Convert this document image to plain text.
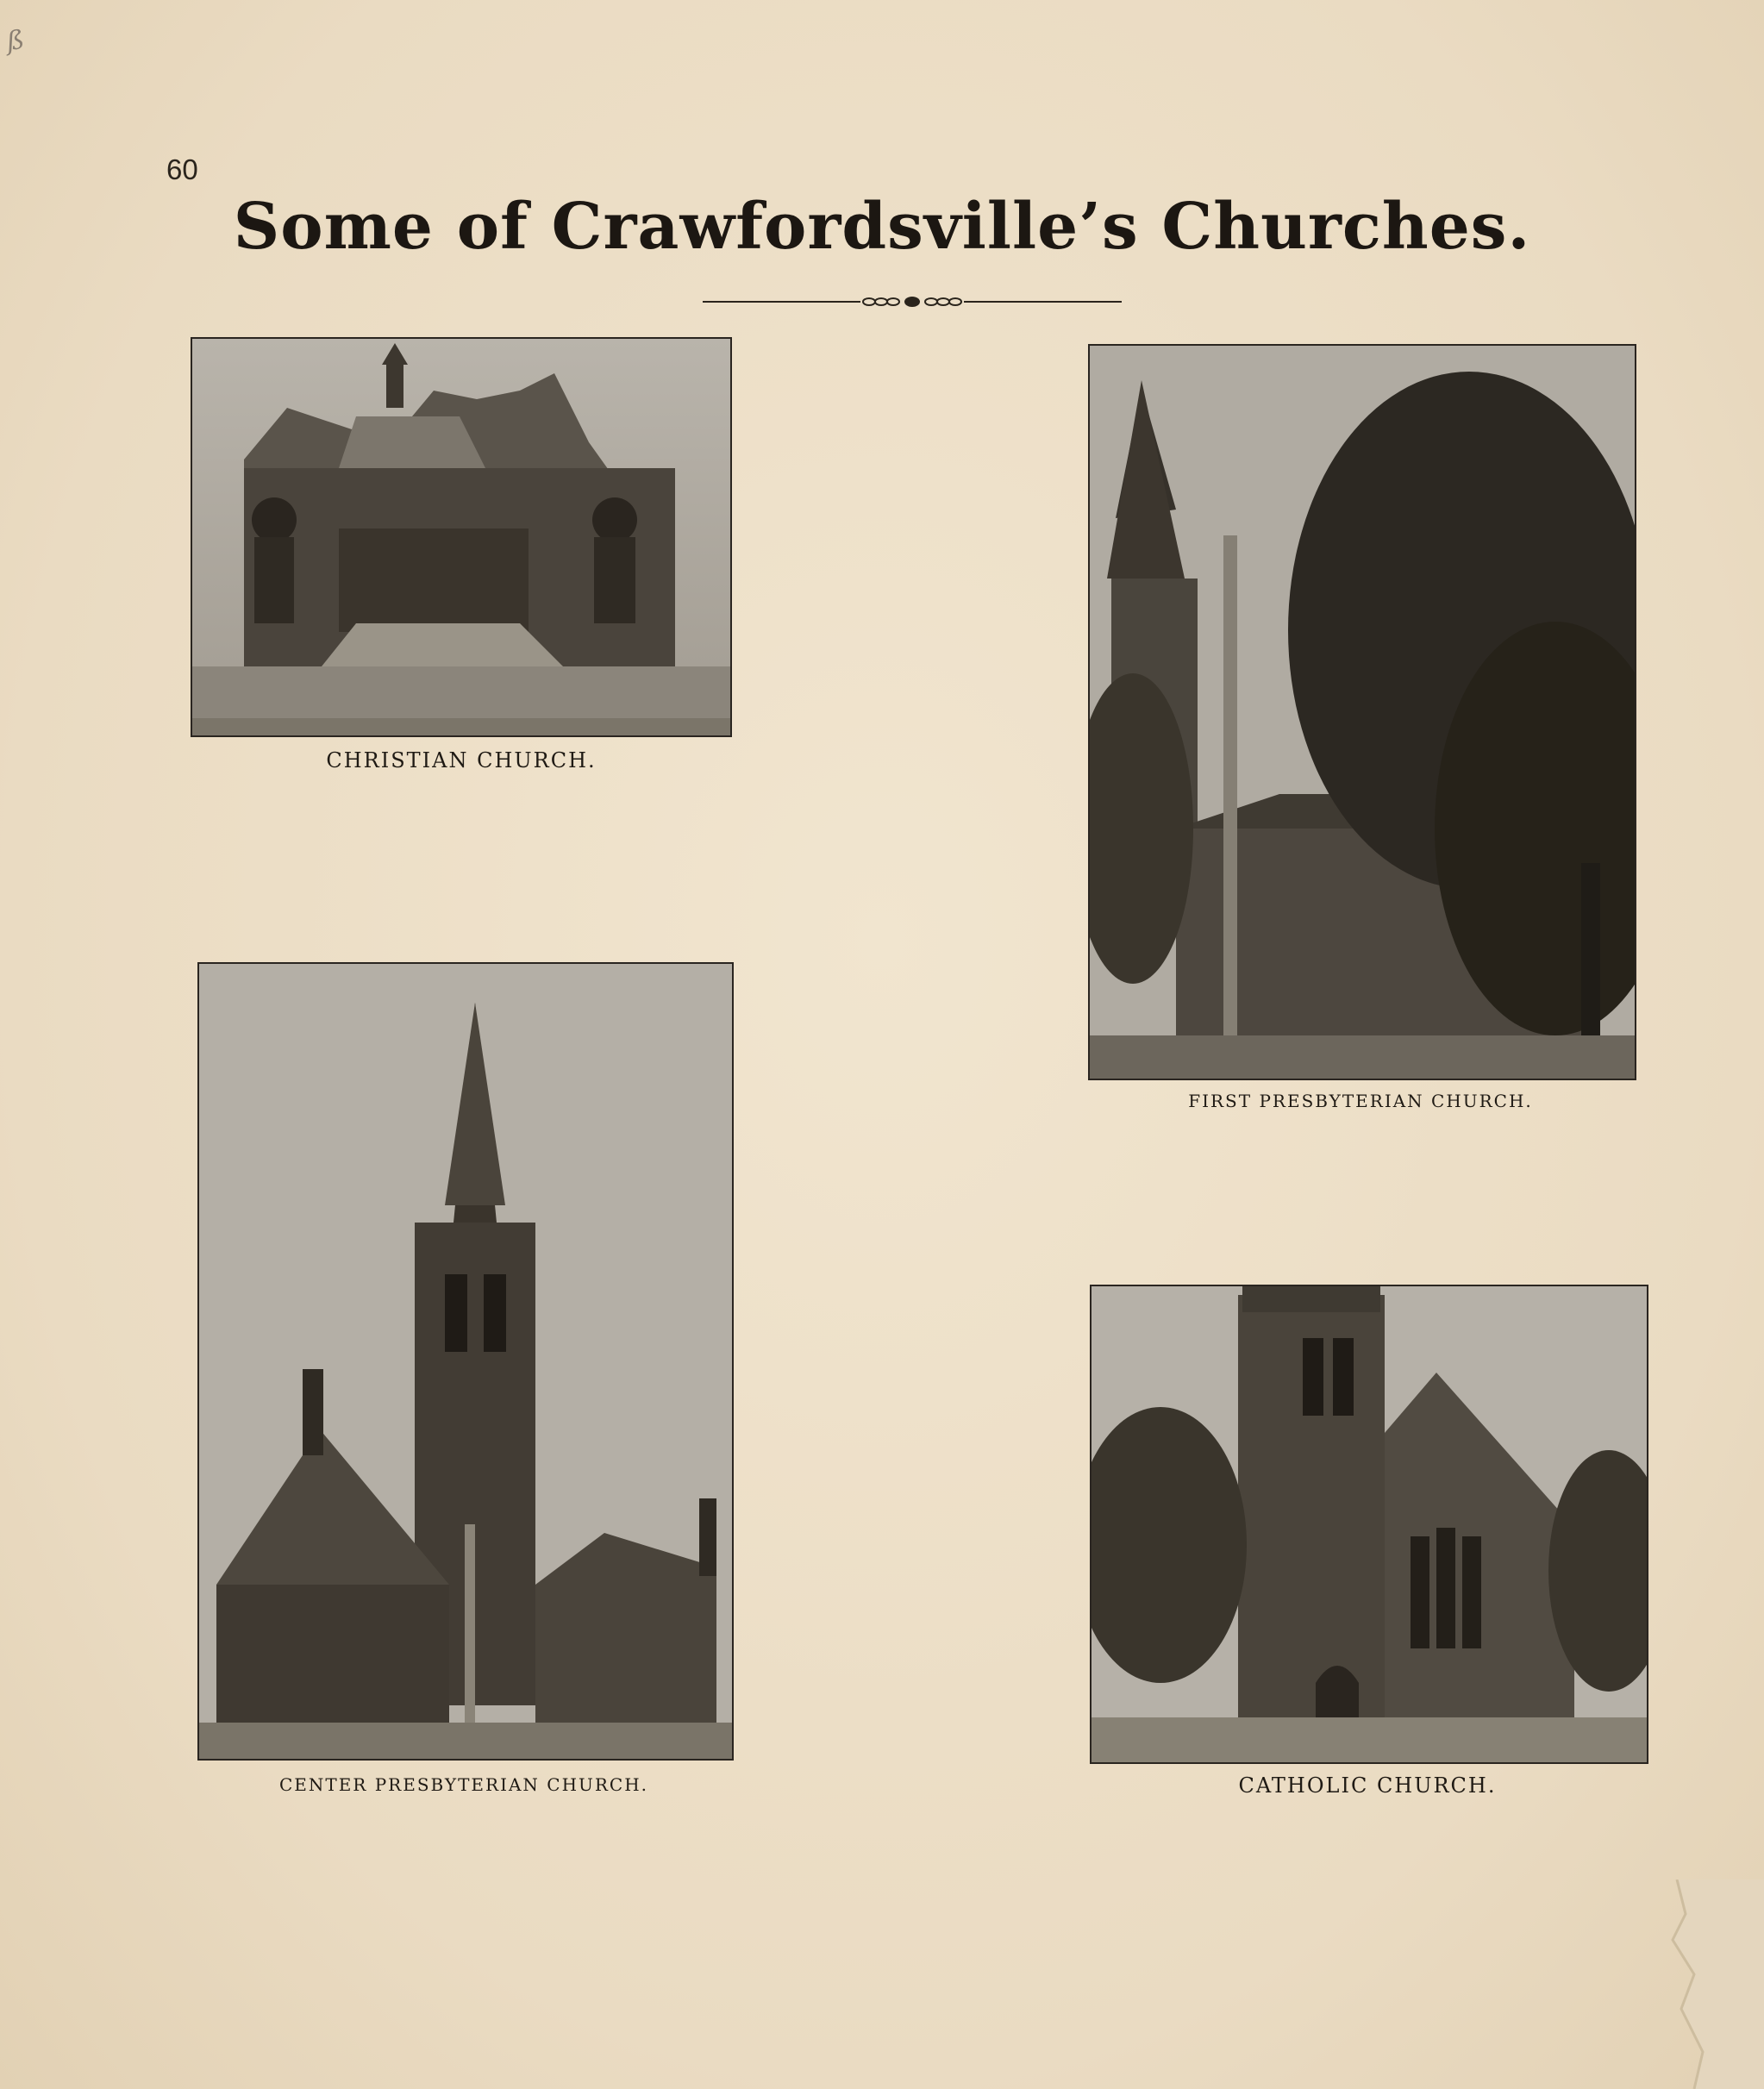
ß
60
Some of Crawfordsville’s Churches.
CHRISTIAN CHURCH.
FIRST PRESBYTERIAN CHURCH.
CENTER PRESBYTERIAN CHURCH.	CATHOLIC CHURCH.
